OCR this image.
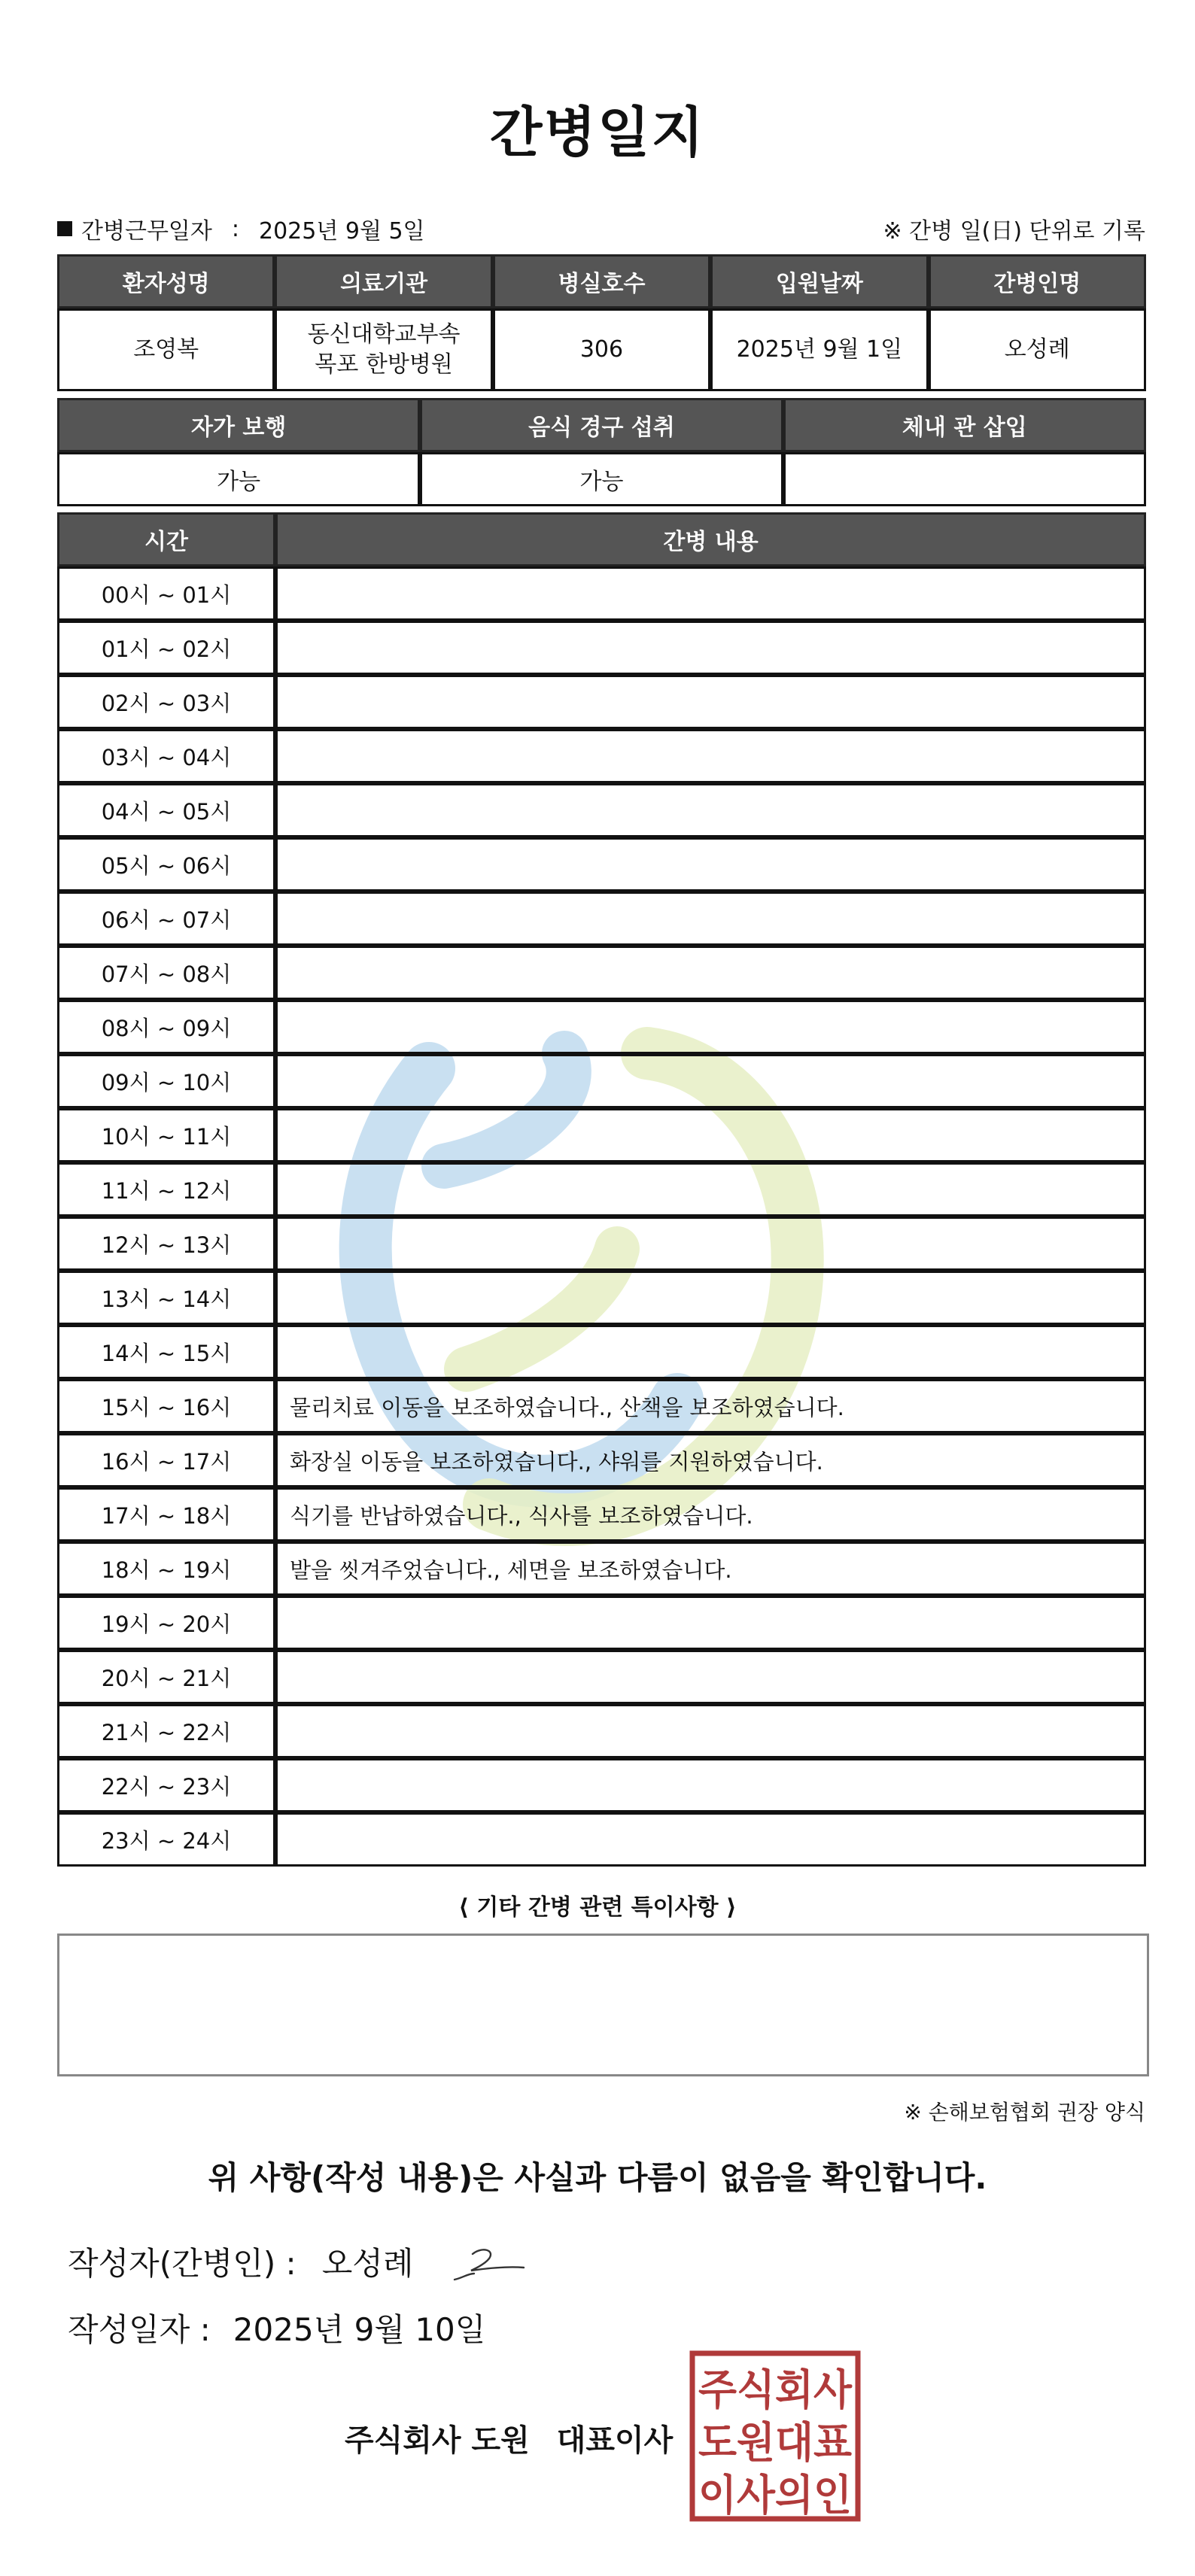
간병일지
간병근무일자 : 2025년 9월 5일	※ 간병 일(日) 단위로 기록
환자성명	의료기관	병실호수	입원날짜	간병인명
조영복	동신대학교부속목포 한방병원	306	2025년 9월 1일	오성례
자가 보행	음식 경구 섭취	체내 관 삽입
가능	가능	
시간	간병 내용
00시 ~ 01시	
01시 ~ 02시	
02시 ~ 03시	
03시 ~ 04시	
04시 ~ 05시	
05시 ~ 06시	
06시 ~ 07시	
07시 ~ 08시	
08시 ~ 09시	
09시 ~ 10시	
10시 ~ 11시	
11시 ~ 12시	
12시 ~ 13시	
13시 ~ 14시	
14시 ~ 15시	
15시 ~ 16시	물리치료 이동을 보조하였습니다., 산책을 보조하였습니다.
16시 ~ 17시	화장실 이동을 보조하였습니다., 샤워를 지원하였습니다.
17시 ~ 18시	식기를 반납하였습니다., 식사를 보조하였습니다.
18시 ~ 19시	발을 씻겨주었습니다., 세면을 보조하였습니다.
19시 ~ 20시	
20시 ~ 21시	
21시 ~ 22시	
22시 ~ 23시	
23시 ~ 24시	
⟨ 기타 간병 관련 특이사항 ⟩
※ 손해보험협회 권장 양식
위 사항(작성 내용)은 사실과 다름이 없음을 확인합니다.
작성자(간병인) : 오성례
작성일자 : 2025년 9월 10일
주식회사 도원 대표이사
주식회사
도원대표
이사의인
